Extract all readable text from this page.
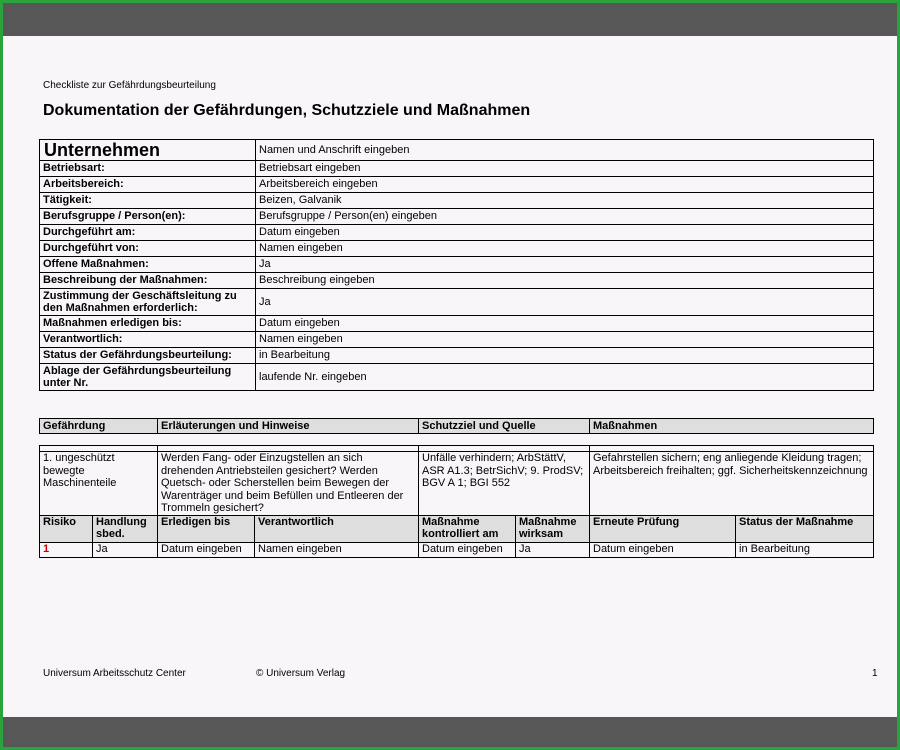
Checkliste zur Gefährdungsbeurteilung
Dokumentation der Gefährdungen, Schutzziele und Maßnahmen
Unternehmen	Namen und Anschrift eingeben
Betriebsart:	Betriebsart eingeben
Arbeitsbereich:	Arbeitsbereich eingeben
Tätigkeit:	Beizen, Galvanik
Berufsgruppe / Person(en):	Berufsgruppe / Person(en) eingeben
Durchgeführt am:	Datum eingeben
Durchgeführt von:	Namen eingeben
Offene Maßnahmen:	Ja
Beschreibung der Maßnahmen:	Beschreibung eingeben
Zustimmung der Geschäftsleitung zu den Maßnahmen erforderlich:	Ja
Maßnahmen erledigen bis:	Datum eingeben
Verantwortlich:	Namen eingeben
Status der Gefährdungsbeurteilung:	in Bearbeitung
Ablage der Gefährdungsbeurteilung unter Nr.	laufende Nr. eingeben
Gefährdung	Erläuterungen und Hinweise	Schutzziel und Quelle	Maßnahmen

1. ungeschützt bewegte Maschinenteile		Werden Fang- oder Einzugstellen an sich drehenden Antriebsteilen gesichert? Werden Quetsch- oder Scherstellen beim Bewegen der Warenträger und beim Befüllen und Entleeren der Trommeln gesichert?		Unfälle verhindern; ArbStättV, ASR A1.3; BetrSichV; 9. ProdSV; BGV A 1; BGI 552		Gefahrstellen sichern; eng anliegende Kleidung tragen; Arbeitsbereich freihalten; ggf. Sicherheitskennzeichnung	
Risiko	Handlung sbed.	Erledigen bis	Verantwortlich	Maßnahme kontrolliert am	Maßnahme wirksam	Erneute Prüfung	Status der Maßnahme
1	Ja	Datum eingeben	Namen eingeben	Datum eingeben	Ja	Datum eingeben	in Bearbeitung
Universum Arbeitsschutz Center	© Universum Verlag	1
